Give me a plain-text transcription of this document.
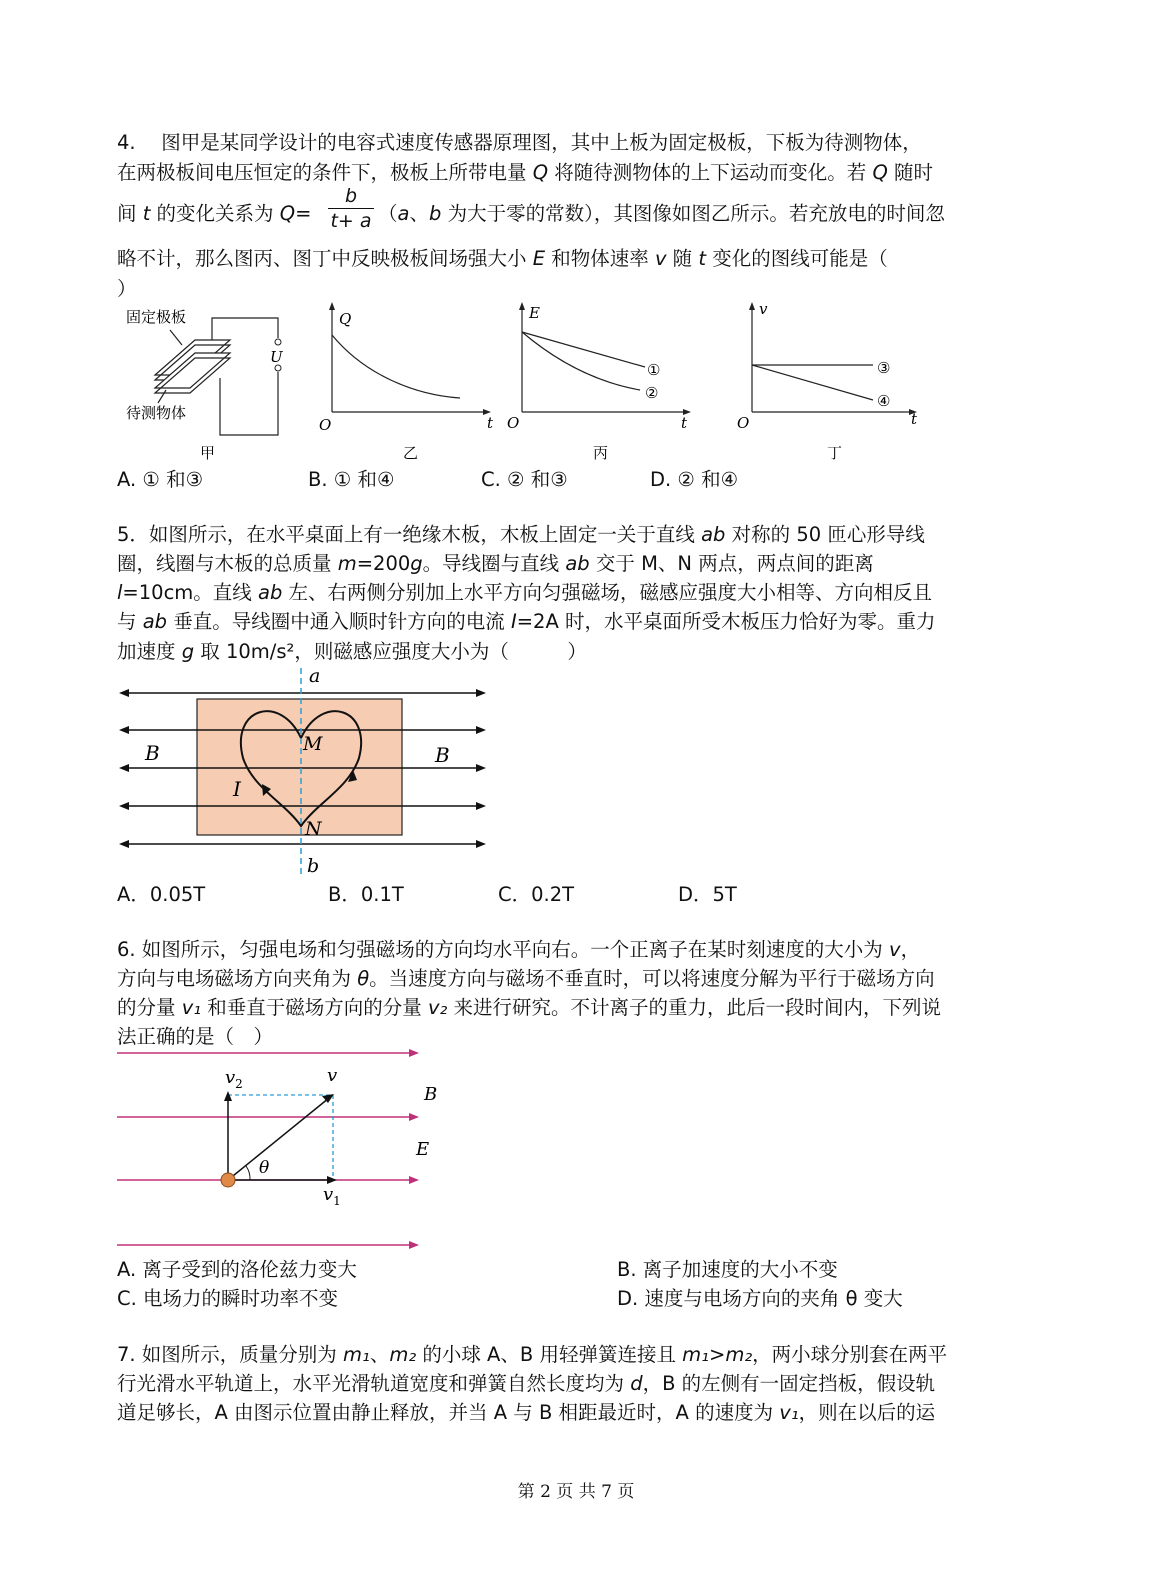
4.　 图甲是某同学设计的电容式速度传感器原理图，其中上板为固定极板，下板为待测物体，
在两极板间电压恒定的条件下，极板上所带电量 Q 将随待测物体的上下运动而变化。若 Q 随时
间 t 的变化关系为 Q=
b
t+ a （a、b 为大于零的常数），其图像如图乙所示。若充放电的时间忽
略不计，那么图丙、图丁中反映极板间场强大小 E 和物体速率 v 随 t 变化的图线可能是（
）
固定极板
待测物体
U
甲
Q
t
O
乙
E
t
O
①
②
丙
v
t
O
③
④
丁
A. ① 和③	B. ① 和④	C. ② 和③	D. ② 和④
5．如图所示，在水平桌面上有一绝缘木板，木板上固定一关于直线 ab 对称的 50 匝心形导线
圈，线圈与木板的总质量 m=200g。导线圈与直线 ab 交于 M、N 两点，两点间的距离
l=10cm。直线 ab 左、右两侧分别加上水平方向匀强磁场，磁感应强度大小相等、方向相反且
与 ab 垂直。导线圈中通入顺时针方向的电流 I=2A 时，水平桌面所受木板压力恰好为零。重力
加速度 g 取 10m/s²，则磁感应强度大小为（　　　）
a
b
M
N
B	B
I
A．0.05T	B．0.1T	C．0.2T	D．5T
6. 如图所示，匀强电场和匀强磁场的方向均水平向右。一个正离子在某时刻速度的大小为 v，
方向与电场磁场方向夹角为 θ。当速度方向与磁场不垂直时，可以将速度分解为平行于磁场方向
的分量 v₁ 和垂直于磁场方向的分量 v₂ 来进行研究。不计离子的重力，此后一段时间内，下列说
法正确的是（　）
$v_2$	v
B
E
θ
$v_1$
A. 离子受到的洛伦兹力变大	B. 离子加速度的大小不变
C. 电场力的瞬时功率不变	D. 速度与电场方向的夹角 θ 变大
7. 如图所示，质量分别为 m₁、m₂ 的小球 A、B 用轻弹簧连接且 m₁>m₂，两小球分别套在两平
行光滑水平轨道上，水平光滑轨道宽度和弹簧自然长度均为 d，B 的左侧有一固定挡板，假设轨
道足够长，A 由图示位置由静止释放，并当 A 与 B 相距最近时，A 的速度为 v₁，则在以后的运
第 2 页 共 7 页
